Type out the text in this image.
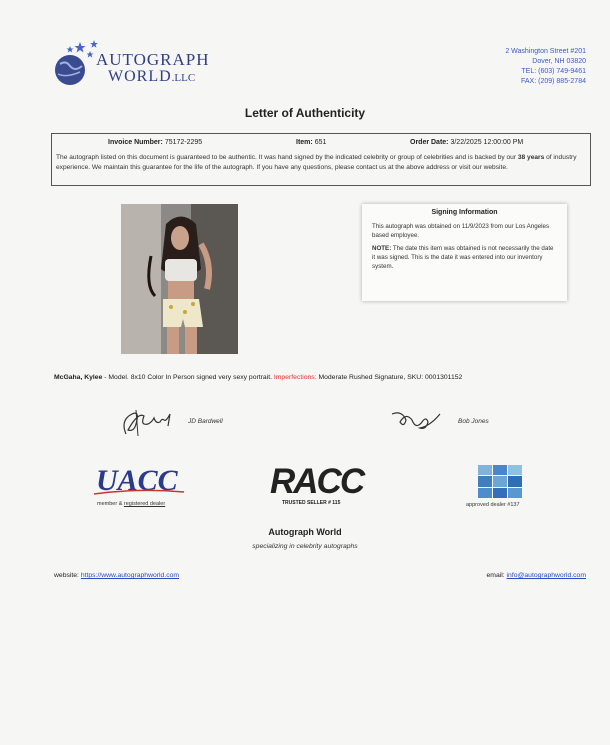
AUTOGRAPH
WORLD.LLC
2 Washington Street #201
Dover, NH 03820
TEL: (603) 749-9461
FAX: (209) 885-2784
Letter of Authenticity
Invoice Number: 75172-2295	Item: 651	Order Date: 3/22/2025 12:00:00 PM
The autograph listed on this document is guaranteed to be authentic. It was hand signed by the indicated celebrity or group of celebrities and is backed by our 38 years of industry experience. We maintain this guarantee for the life of the autograph. If you have any questions, please contact us at the above address or visit our website.
Signing Information

This autograph was obtained on 11/9/2023 from our Los Angeles based employee.

NOTE: The date this item was obtained is not necessarily the date it was signed. This is the date it was entered into our inventory system.

McGaha, Kylee - Model. 8x10 Color In Person signed very sexy portrait. Imperfections: Moderate Rushed Signature, SKU: 0001301152
JD Bardwell	Bob Jones
UACC
member & registered dealer
RACC
TRUSTED SELLER # 115	approved dealer #137
Autograph World
specializing in celebrity autographs
website: https://www.autographworld.com	email: info@autographworld.com
